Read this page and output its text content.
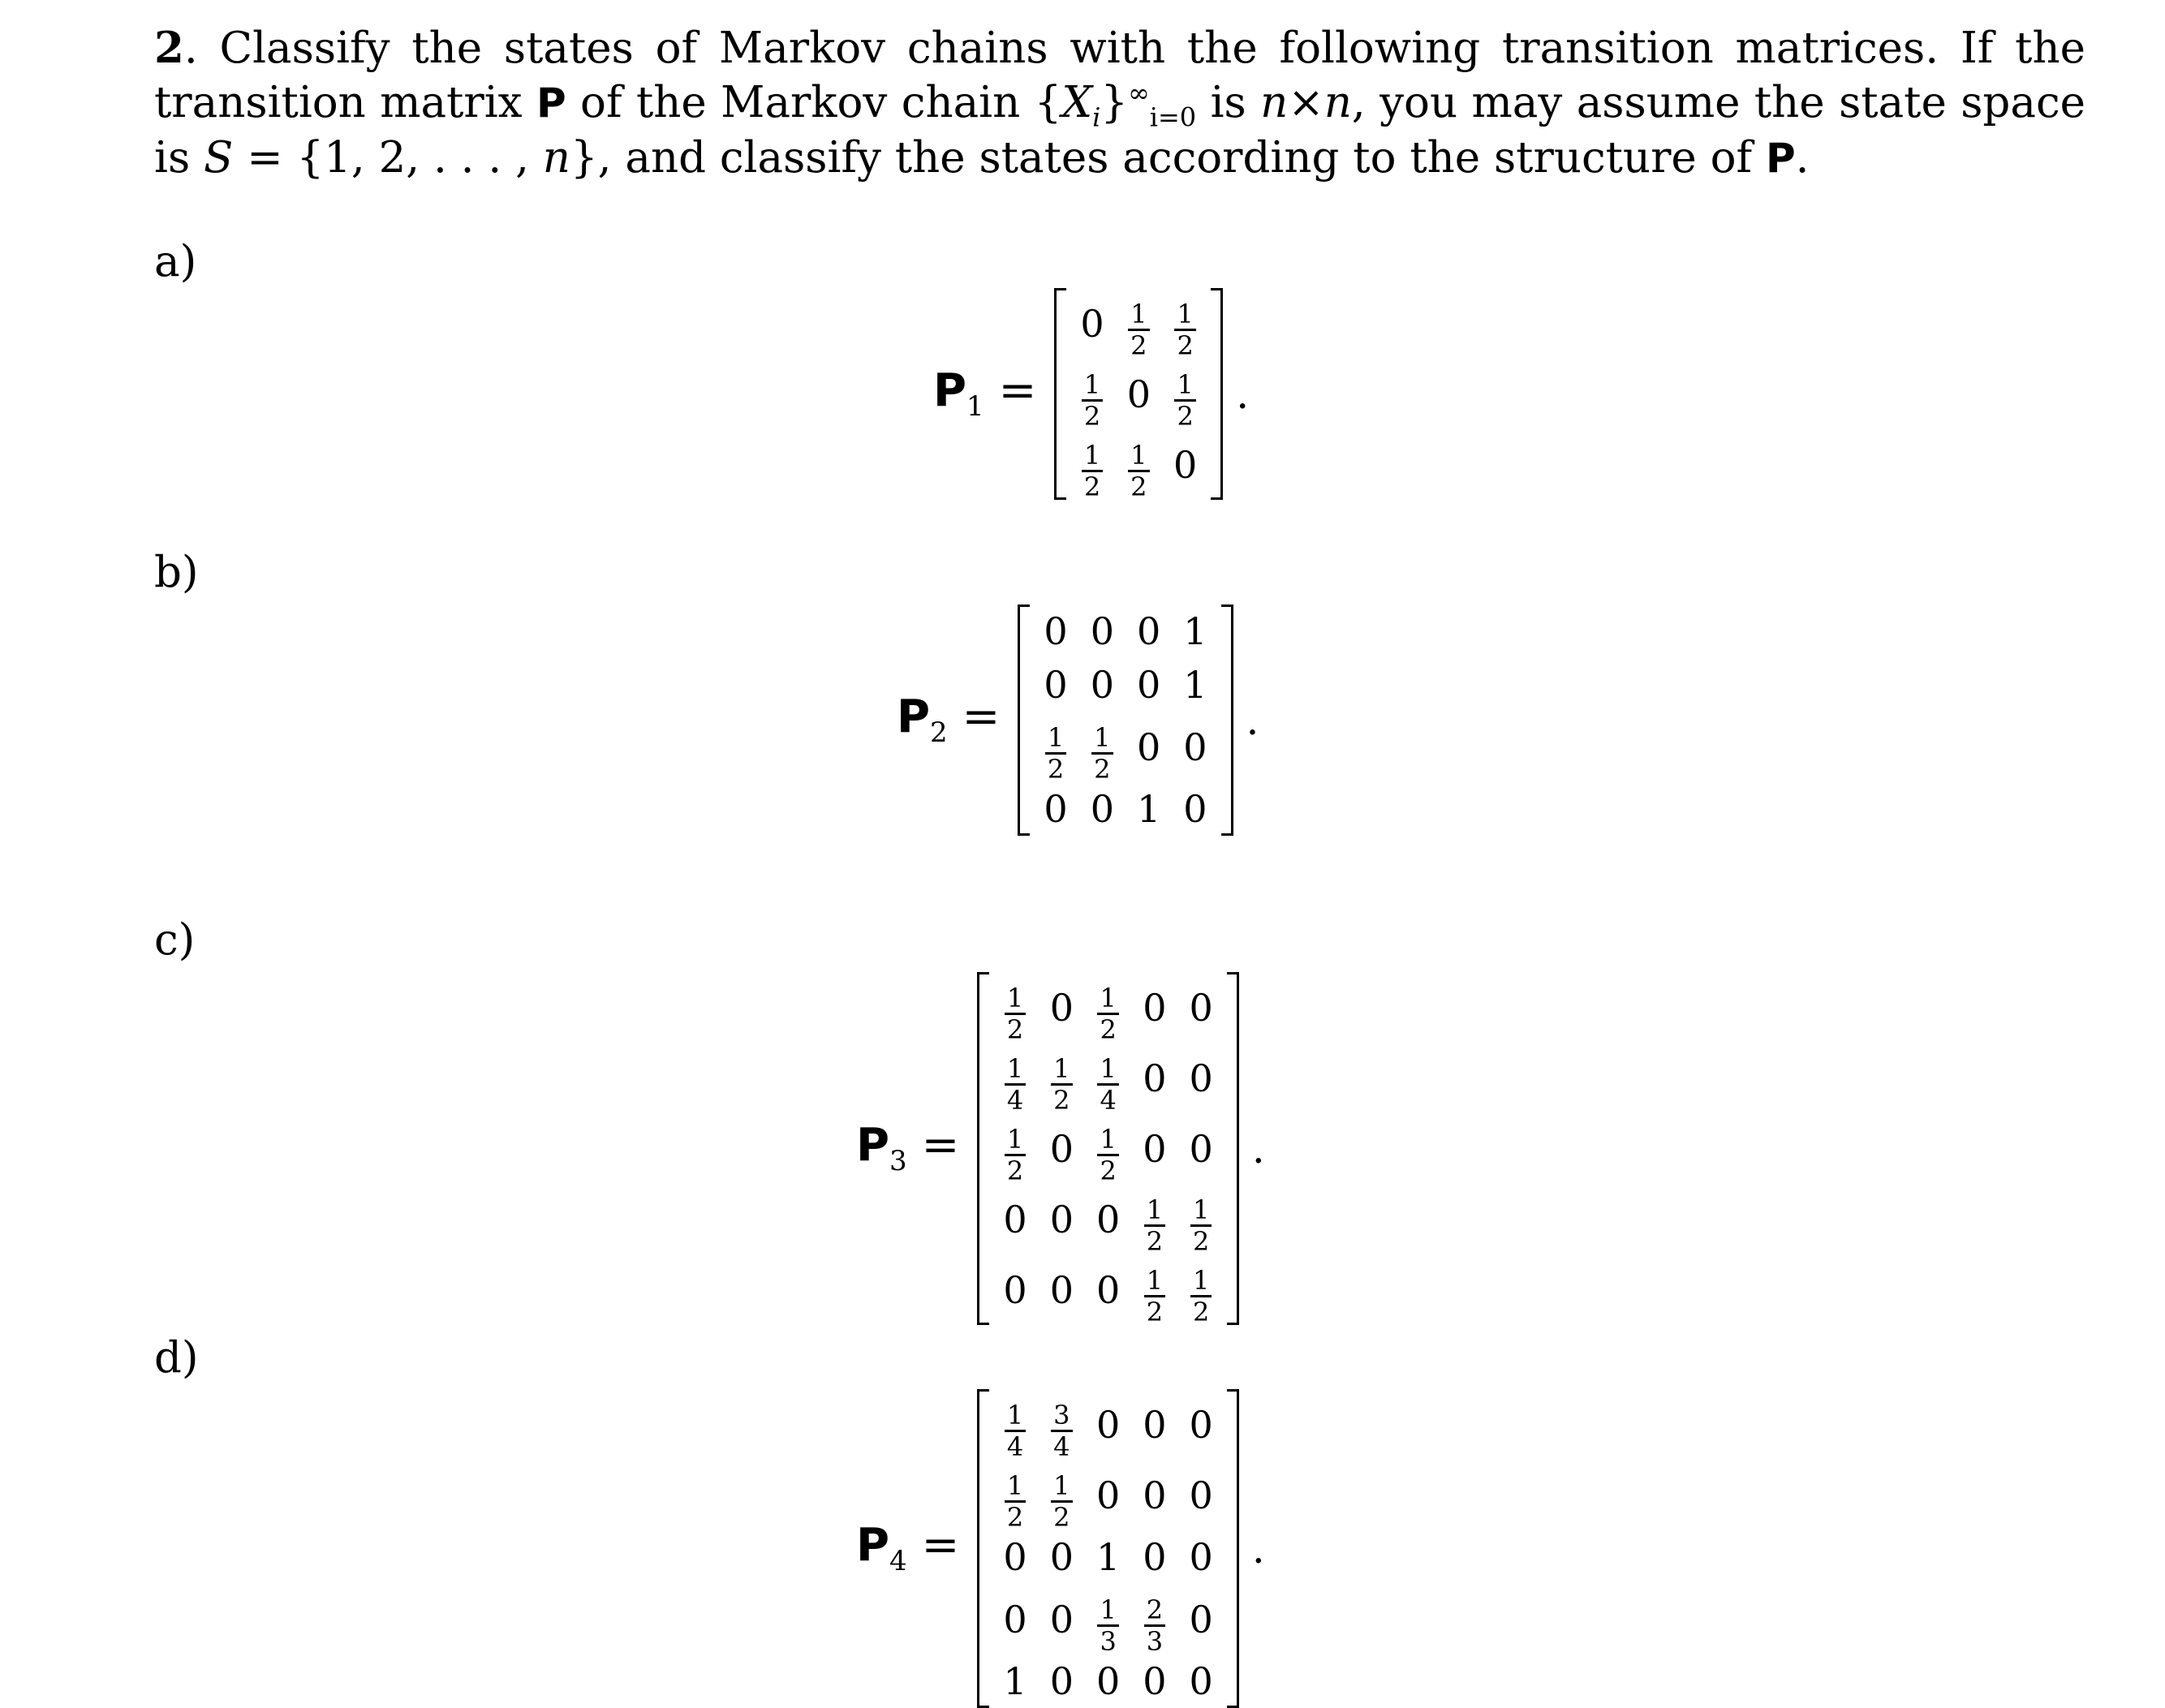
2. Classify the states of Markov chains with the following transition matrices. If the transition matrix P of the Markov chain $\{X_i\}^\infty_{i=0}$ is n×n, you may assume the state space is S = {1, 2, . . . , n}, and classify the states according to the structure of P.
a)
$P_1$ =
0	$\frac{1}{2}$	$\frac{1}{2}$

$\frac{1}{2}$	0	$\frac{1}{2}$

$\frac{1}{2}$	$\frac{1}{2}$	0
.
b)
$P_2$ =
0	0	0	1
0	0	0	1

$\frac{1}{2}$	$\frac{1}{2}$	0	0
0	0	1	0
.
c)
$P_3$ =
$\frac{1}{2}$	0	$\frac{1}{2}$	0	0

$\frac{1}{4}$	$\frac{1}{2}$	$\frac{1}{4}$	0	0

$\frac{1}{2}$	0	$\frac{1}{2}$	0	0
0	0	0	$\frac{1}{2}$	$\frac{1}{2}$

0	0	0	$\frac{1}{2}$	$\frac{1}{2}$
.
d)
$P_4$ =
$\frac{1}{4}$	$\frac{3}{4}$	0	0	0

$\frac{1}{2}$	$\frac{1}{2}$	0	0	0
0	0	1	0	0
0	0	$\frac{1}{3}$	$\frac{2}{3}$	0
1	0	0	0	0
.
